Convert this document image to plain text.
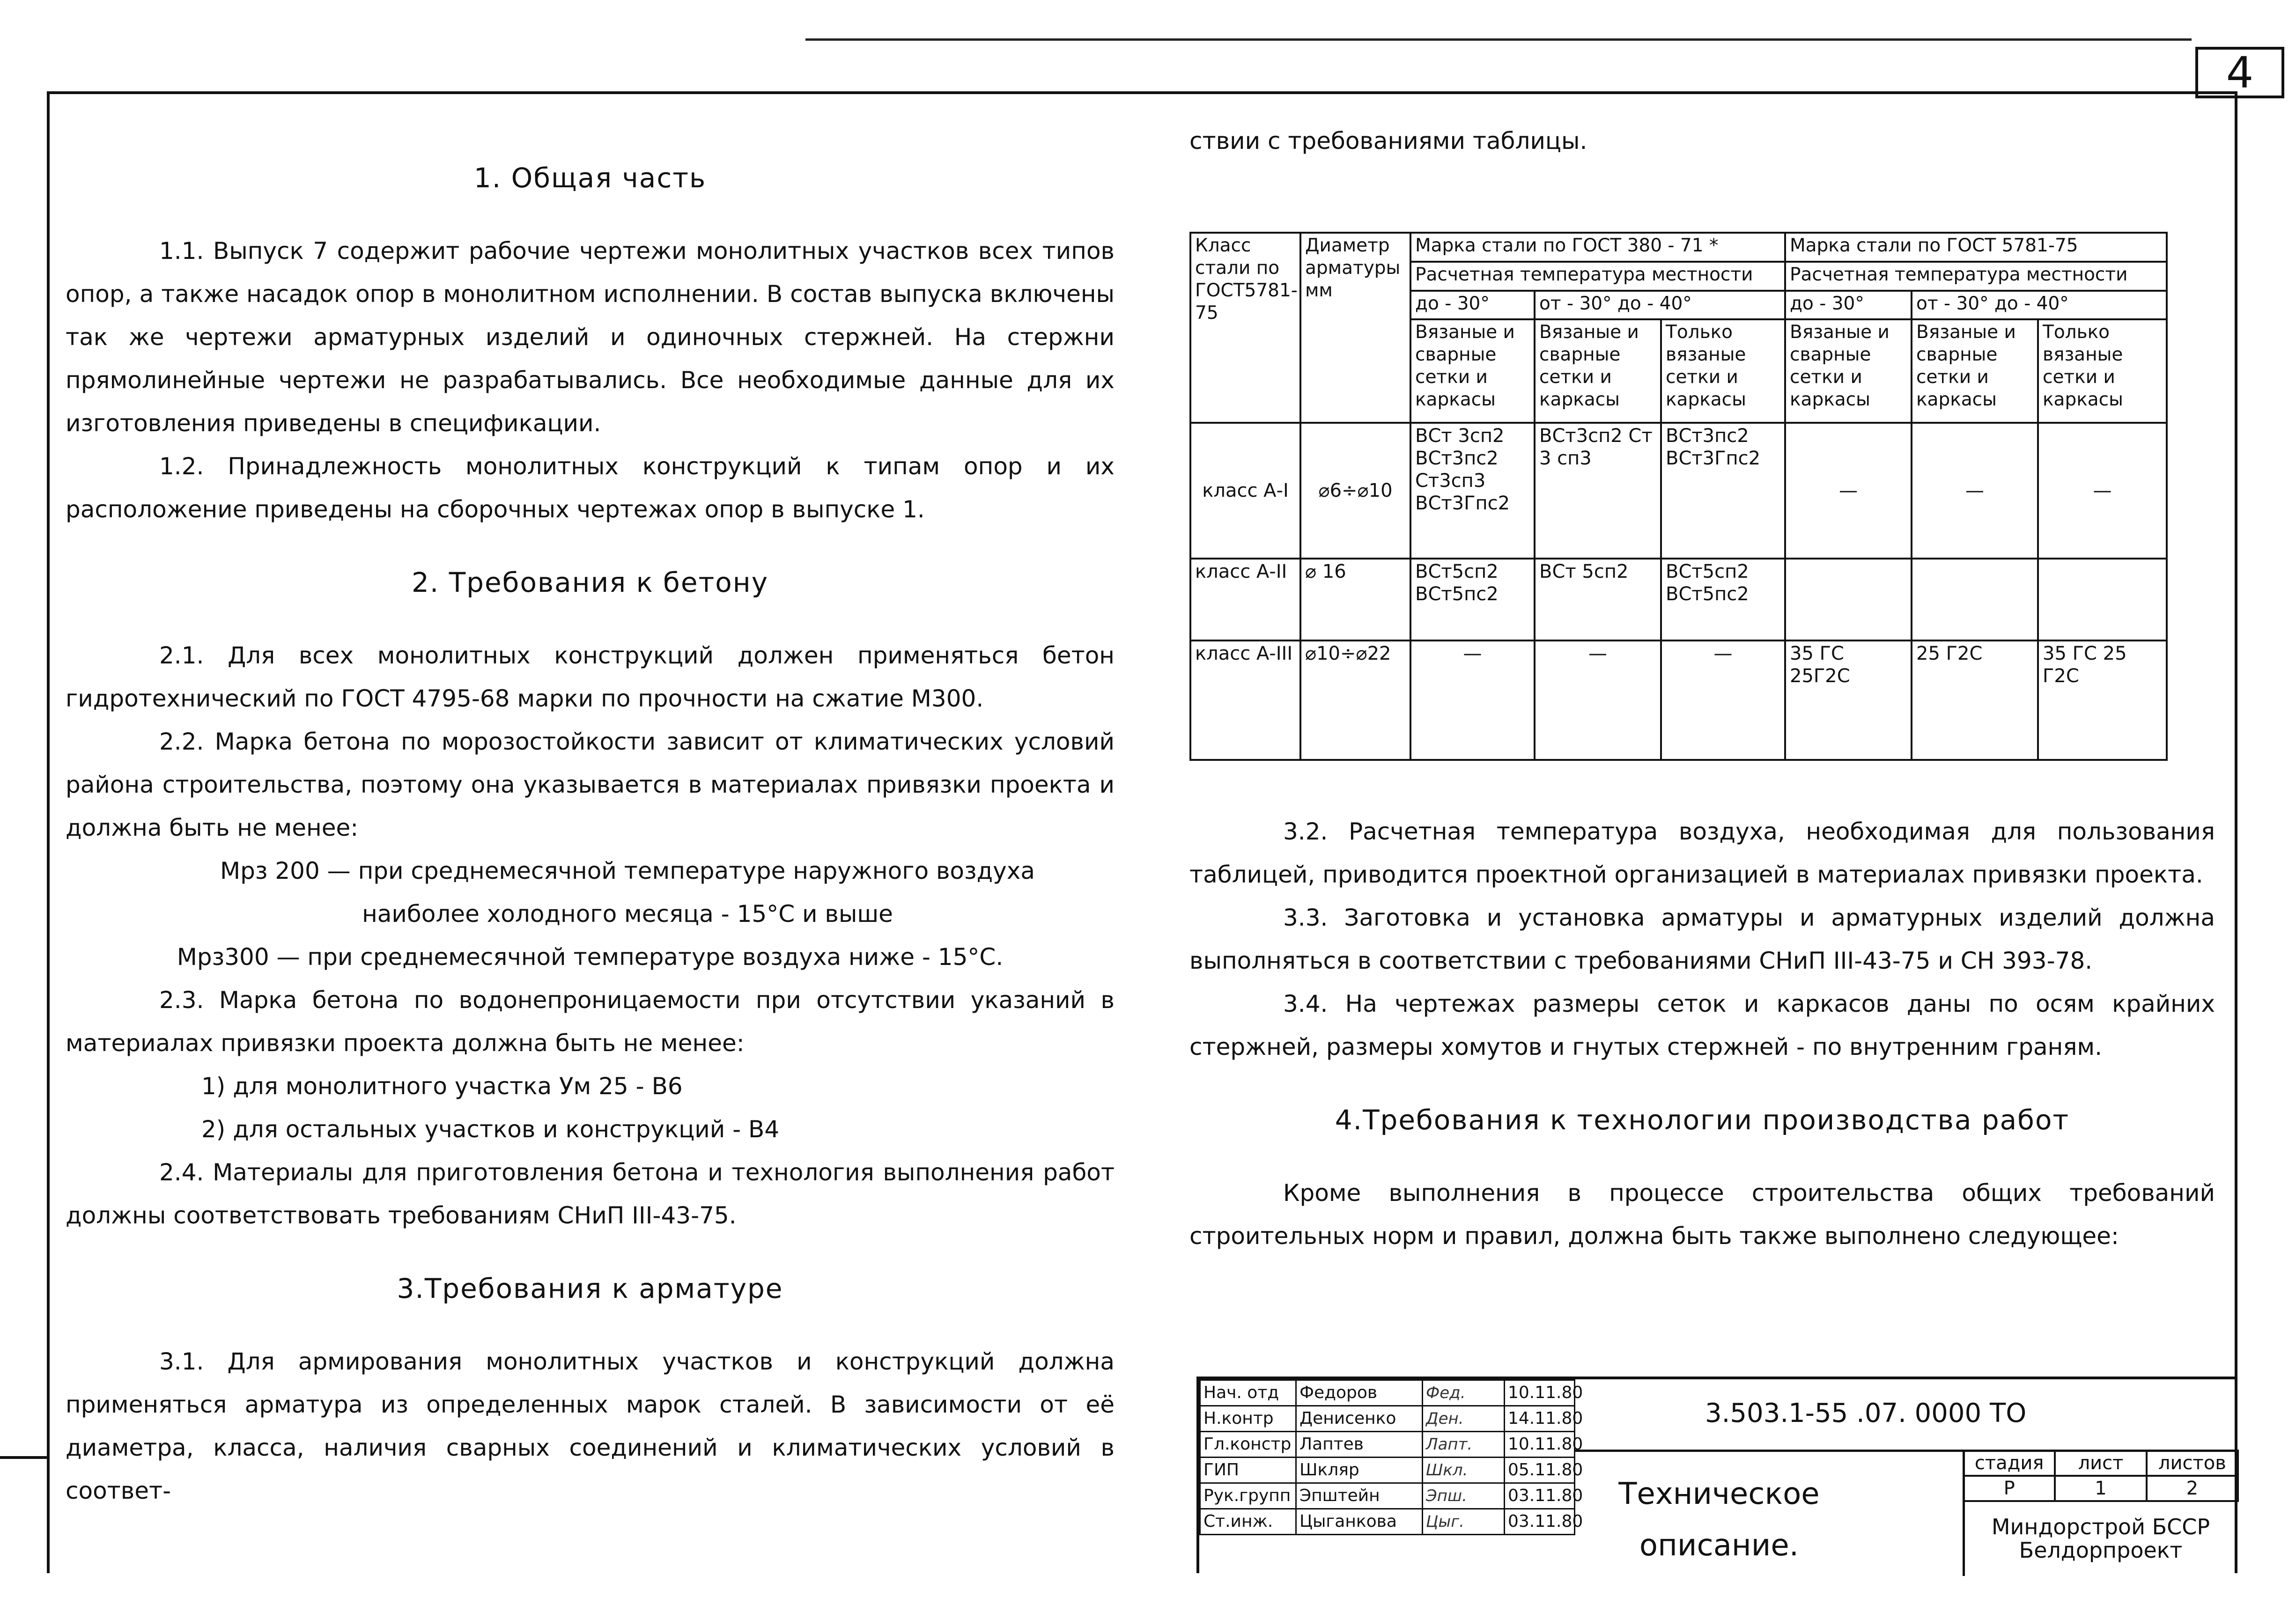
4
1. Общая часть

1.1. Выпуск 7 содержит рабочие чертежи монолитных участков всех типов опор, а также насадок опор в монолитном исполнении. В состав выпуска включены так же чертежи арматурных изделий и одиночных стержней. На стержни прямолинейные чертежи не разрабатывались. Все необходимые данные для их изготовления приведены в спецификации.

1.2. Принадлежность монолитных конструкций к типам опор и их расположение приведены на сборочных чертежах опор в выпуске 1.

2. Требования к бетону

2.1. Для всех монолитных конструкций должен применяться бетон гидротехнический по ГОСТ 4795-68 марки по прочности на сжатие М300.

2.2. Марка бетона по морозостойкости зависит от климатических условий района строительства, поэтому она указывается в материалах привязки проекта и должна быть не менее:

Мрз 200 — при среднемесячной температуре наружного воздуха наиболее холодного месяца - 15°С и выше

Мрз300 — при среднемесячной температуре воздуха ниже - 15°С.

2.3. Марка бетона по водонепроницаемости при отсутствии указаний в материалах привязки проекта должна быть не менее:

1) для монолитного участка Ум 25 - В6

2) для остальных участков и конструкций - В4

2.4. Материалы для приготовления бетона и технология выполнения работ должны соответствовать требованиям СНиП III-43-75.

3.Требования к арматуре

3.1. Для армирования монолитных участков и конструкций должна применяться арматура из определенных марок сталей. В зависимости от её диаметра, класса, наличия сварных соединений и климатических условий в соответ-

ствии с требованиями таблицы.

Класс стали по ГОСТ5781-75	Диаметр арматуры мм	Марка стали по ГОСТ 380 - 71 *			Марка стали по ГОСТ 5781-75		
		Расчетная температура местности			Расчетная температура местности		
		до - 30°	от - 30° до - 40°		до - 30°	от - 30° до - 40°	
		Вязаные и сварные сетки и каркасы	Вязаные и сварные сетки и каркасы	Только вязаные сетки и каркасы	Вязаные и сварные сетки и каркасы	Вязаные и сварные сетки и каркасы	Только вязаные сетки и каркасы
класс А-I	⌀6÷⌀10	ВСт 3сп2 ВСт3пс2 Ст3сп3 ВСт3Гпс2	ВСт3сп2 Ст 3 сп3	ВСт3пс2 ВСт3Гпс2	—	—	—
класс А-II	⌀ 16	ВСт5сп2 ВСт5пс2	ВСт 5сп2	ВСт5сп2 ВСт5пс2			
класс А-III	⌀10÷⌀22	—	—	—	35 ГС 25Г2С	25 Г2С	35 ГС 25 Г2С

3.2. Расчетная температура воздуха, необходимая для пользования таблицей, приводится проектной организацией в материалах привязки проекта.

3.3. Заготовка и установка арматуры и арматурных изделий должна выполняться в соответствии с требованиями СНиП III-43-75 и СН 393-78.

3.4. На чертежах размеры сеток и каркасов даны по осям крайних стержней, размеры хомутов и гнутых стержней - по внутренним граням.

4.Требования к технологии производства работ

Кроме выполнения в процессе строительства общих требований строительных норм и правил, должна быть также выполнено следующее:

Нач. отд	Федоров	Фед.	10.11.80
Н.контр	Денисенко	Ден.	14.11.80
Гл.констр	Лаптев	Лапт.	10.11.80
ГИП	Шкляр	Шкл.	05.11.80
Рук.групп	Эпштейн	Эпш.	03.11.80
Ст.инж.	Цыганкова	Цыг.	03.11.80
3.503.1-55 .07. 0000 ТО
Техническое описание.
стадия	лист	листов
Р	1	2
Миндорстрой БССР Белдорпроект
